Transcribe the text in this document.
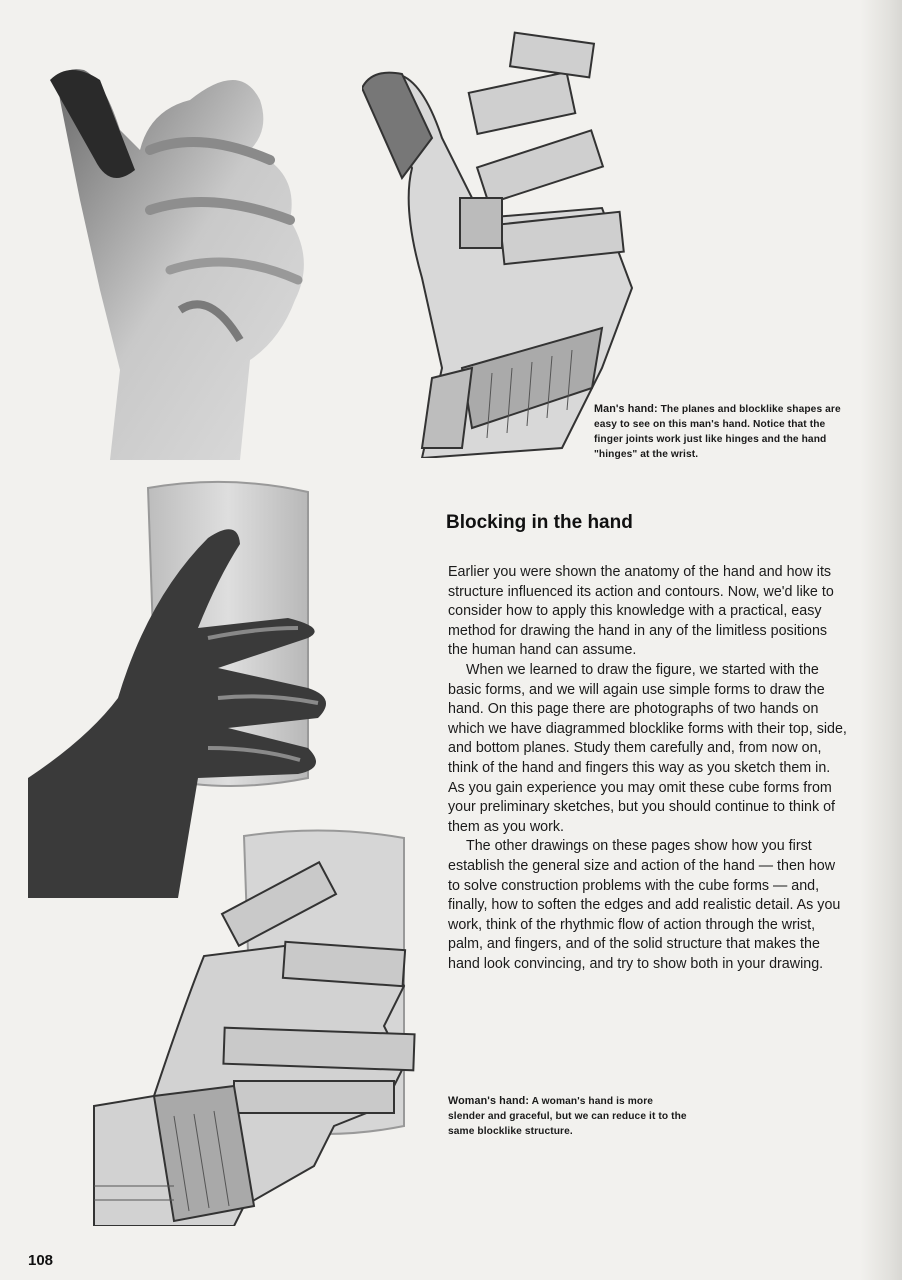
Man's hand: The planes and blocklike shapes are easy to see on this man's hand. Notice that the finger joints work just like hinges and the hand "hinges" at the wrist.
Blocking in the hand

Earlier you were shown the anatomy of the hand and how its structure influenced its action and contours. Now, we'd like to consider how to apply this knowledge with a practical, easy method for drawing the hand in any of the limitless positions the human hand can assume.

When we learned to draw the figure, we started with the basic forms, and we will again use simple forms to draw the hand. On this page there are photographs of two hands on which we have diagrammed blocklike forms with their top, side, and bottom planes. Study them carefully and, from now on, think of the hand and fingers this way as you sketch them in. As you gain experience you may omit these cube forms from your preliminary sketches, but you should continue to think of them as you work.

The other drawings on these pages show how you first establish the general size and action of the hand — then how to solve construction problems with the cube forms — and, finally, how to soften the edges and add realistic detail. As you work, think of the rhythmic flow of action through the wrist, palm, and fingers, and of the solid structure that makes the hand look convincing, and try to show both in your drawing.

Woman's hand: A woman's hand is more slender and graceful, but we can reduce it to the same blocklike structure.
108
